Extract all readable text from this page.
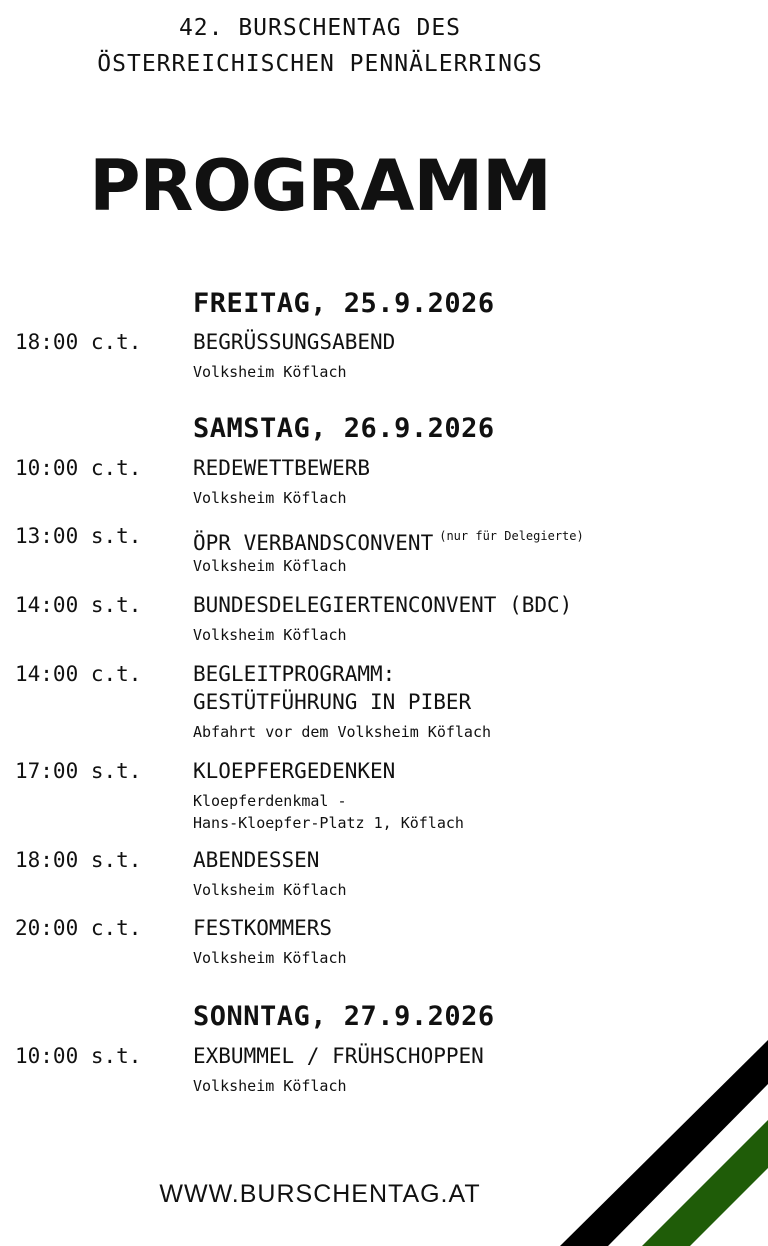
42. BURSCHENTAG DES
ÖSTERREICHISCHEN PENNÄLERRINGS
PROGRAMM
FREITAG, 25.9.2026
18:00 c.t. BEGRÜSSUNGSABEND
Volksheim Köflach
SAMSTAG, 26.9.2026
10:00 c.t. REDEWETTBEWERB
Volksheim Köflach
13:00 s.t. ÖPR VERBANDSCONVENT $^{(nur für Delegierte)}$
Volksheim Köflach
14:00 s.t. BUNDESDELEGIERTENCONVENT (BDC)
Volksheim Köflach
14:00 c.t. BEGLEITPROGRAMM:
GESTÜTFÜHRUNG IN PIBER
Abfahrt vor dem Volksheim Köflach
17:00 s.t. KLOEPFERGEDENKEN
Kloepferdenkmal -
Hans-Kloepfer-Platz 1, Köflach
18:00 s.t. ABENDESSEN
Volksheim Köflach
20:00 c.t. FESTKOMMERS
Volksheim Köflach
SONNTAG, 27.9.2026
10:00 s.t. EXBUMMEL / FRÜHSCHOPPEN
Volksheim Köflach
WWW.BURSCHENTAG.AT
